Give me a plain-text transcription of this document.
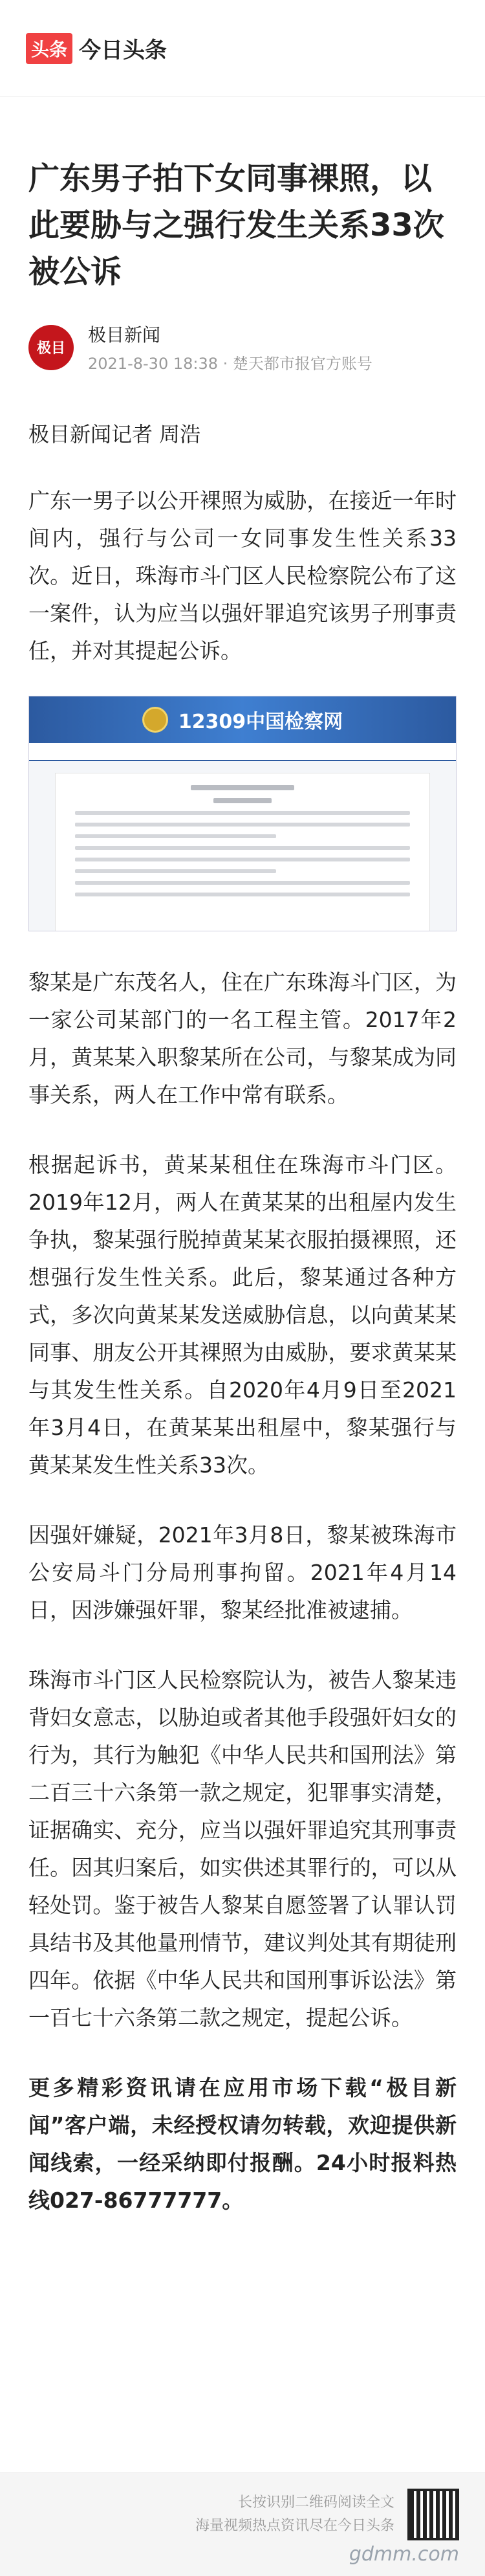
头条 今日头条
广东男子拍下女同事裸照，以此要胁与之强行发生关系33次被公诉
极目
极目新闻
2021-8-30 18:38 · 楚天都市报官方账号

极目新闻记者 周浩

广东一男子以公开裸照为威胁，在接近一年时间内，强行与公司一女同事发生性关系33次。近日，珠海市斗门区人民检察院公布了这一案件，认为应当以强奸罪追究该男子刑事责任，并对其提起公诉。

12309中国检察网

黎某是广东茂名人，住在广东珠海斗门区，为一家公司某部门的一名工程主管。2017年2月，黄某某入职黎某所在公司，与黎某成为同事关系，两人在工作中常有联系。

根据起诉书，黄某某租住在珠海市斗门区。2019年12月，两人在黄某某的出租屋内发生争执，黎某强行脱掉黄某某衣服拍摄裸照，还想强行发生性关系。此后，黎某通过各种方式，多次向黄某某发送威胁信息，以向黄某某同事、朋友公开其裸照为由威胁，要求黄某某与其发生性关系。自2020年4月9日至2021年3月4日，在黄某某出租屋中，黎某强行与黄某某发生性关系33次。

因强奸嫌疑，2021年3月8日，黎某被珠海市公安局斗门分局刑事拘留。2021年4月14日，因涉嫌强奸罪，黎某经批准被逮捕。

珠海市斗门区人民检察院认为，被告人黎某违背妇女意志，以胁迫或者其他手段强奸妇女的行为，其行为触犯《中华人民共和国刑法》第二百三十六条第一款之规定，犯罪事实清楚，证据确实、充分，应当以强奸罪追究其刑事责任。因其归案后，如实供述其罪行的，可以从轻处罚。鉴于被告人黎某自愿签署了认罪认罚具结书及其他量刑情节，建议判处其有期徒刑四年。依据《中华人民共和国刑事诉讼法》第一百七十六条第二款之规定，提起公诉。

更多精彩资讯请在应用市场下载“极目新闻”客户端，未经授权请勿转载，欢迎提供新闻线索，一经采纳即付报酬。24小时报料热线027-86777777。

长按识别二维码阅读全文
海量视频热点资讯尽在今日头条
gdmm.com
